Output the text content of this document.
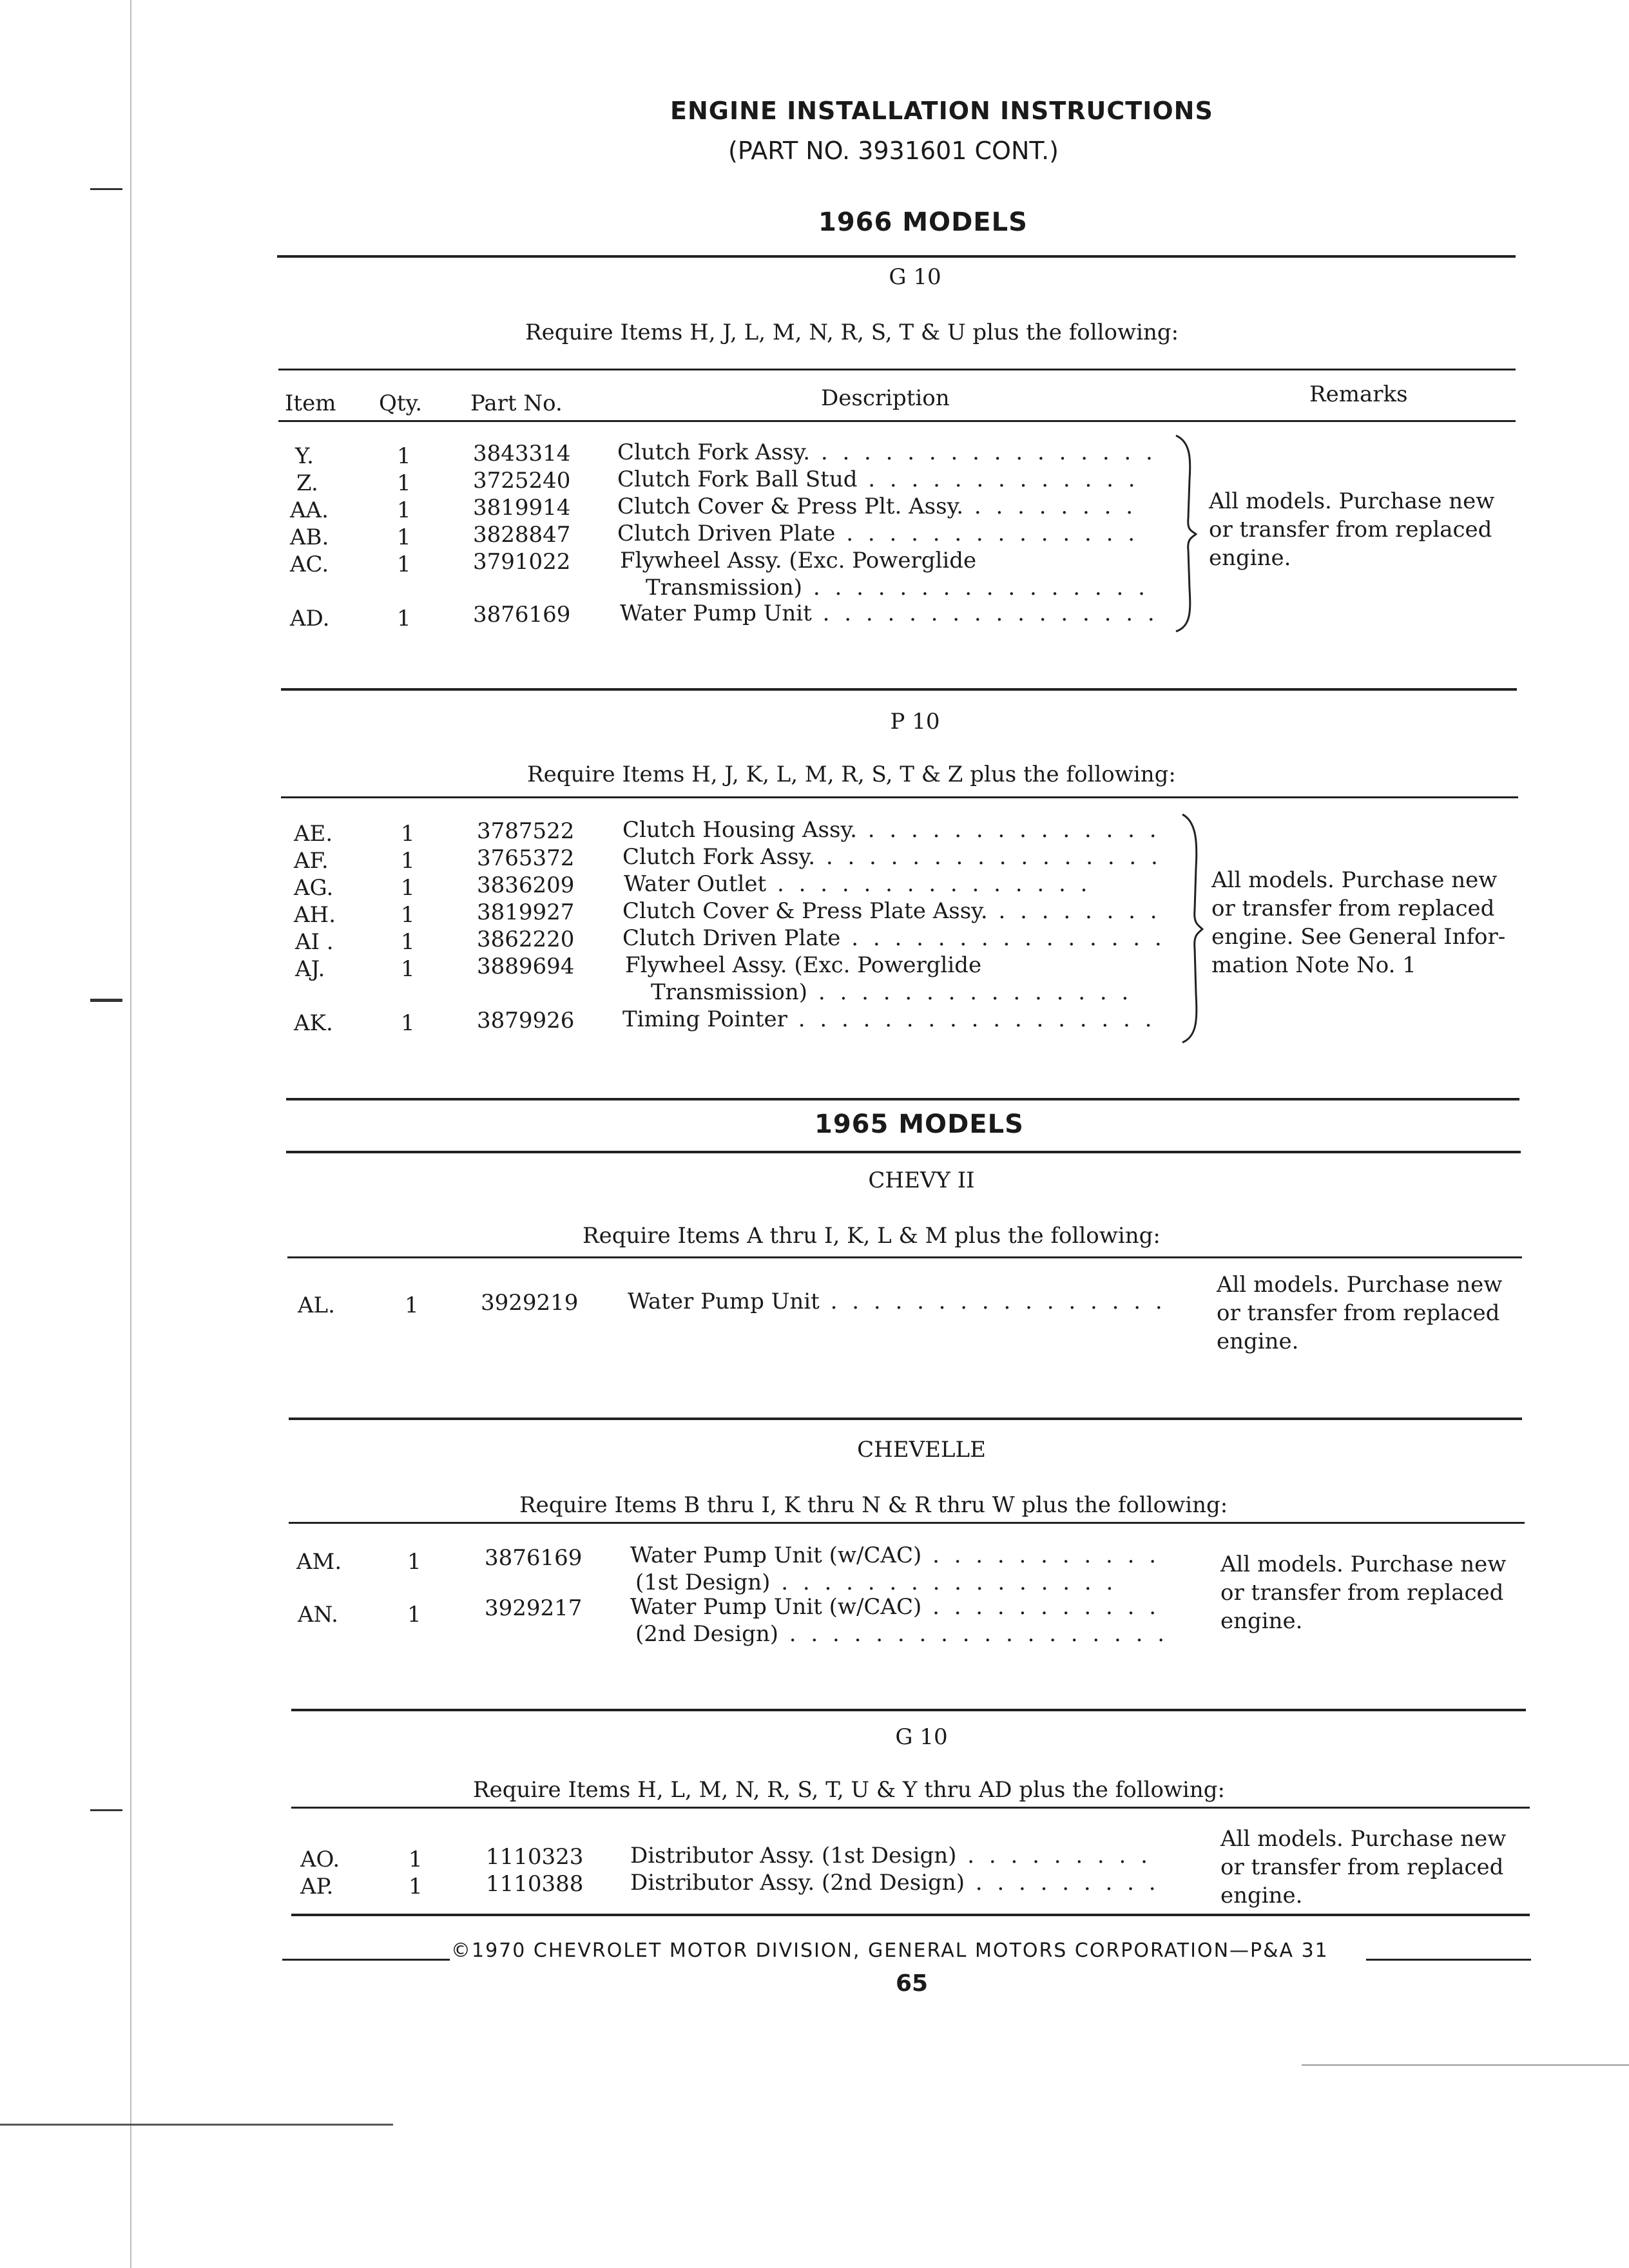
ENGINE INSTALLATION INSTRUCTIONS
(PART NO. 3931601 CONT.)
1966 MODELS
G 10
Require Items H, J, L, M, N, R, S, T & U plus the following:
Item Qty. Part No.	Description	Remarks
Y.	1	3843314 Clutch Fork Assy. . . . . . . . . . . . . . . . .
Z.	1	3725240 Clutch Fork Ball Stud . . . . . . . . . . . . .
AA.	1	3819914 Clutch Cover & Press Plt. Assy. . . . . . . . .
AB.	1	3828847 Clutch Driven Plate . . . . . . . . . . . . . .
AC.	1	3791022 Flywheel Assy. (Exc. Powerglide
Transmission) . . . . . . . . . . . . . . . .
AD.	1	3876169 Water Pump Unit . . . . . . . . . . . . . . . .
All models. Purchase new
or transfer from replaced
engine.
P 10
Require Items H, J, K, L, M, R, S, T & Z plus the following:
AE.	1	3787522 Clutch Housing Assy. . . . . . . . . . . . . . .
AF.	1	3765372 Clutch Fork Assy. . . . . . . . . . . . . . . . .
AG.	1	3836209 Water Outlet . . . . . . . . . . . . . . .
AH.	1	3819927 Clutch Cover & Press Plate Assy. . . . . . . . .
AI .	1	3862220 Clutch Driven Plate . . . . . . . . . . . . . . .
AJ.	1	3889694 Flywheel Assy. (Exc. Powerglide
Transmission) . . . . . . . . . . . . . . .
AK.	1	3879926 Timing Pointer . . . . . . . . . . . . . . . . .
All models. Purchase new
or transfer from replaced
engine. See General Infor-
mation Note No. 1
1965 MODELS
CHEVY II
Require Items A thru I, K, L & M plus the following:
AL.	1	3929219 Water Pump Unit . . . . . . . . . . . . . . . .
All models. Purchase new
or transfer from replaced
engine.
CHEVELLE
Require Items B thru I, K thru N & R thru W plus the following:
AM.	1	3876169 Water Pump Unit (w/CAC) . . . . . . . . . . .
(1st Design) . . . . . . . . . . . . . . . .
AN.	1	3929217 Water Pump Unit (w/CAC) . . . . . . . . . . .
(2nd Design) . . . . . . . . . . . . . . . . . .
All models. Purchase new
or transfer from replaced
engine.
G 10
Require Items H, L, M, N, R, S, T, U & Y thru AD plus the following:
AO.	1	1110323 Distributor Assy. (1st Design) . . . . . . . . .
AP.	1	1110388 Distributor Assy. (2nd Design) . . . . . . . . .
All models. Purchase new
or transfer from replaced
engine.
©1970 CHEVROLET MOTOR DIVISION, GENERAL MOTORS CORPORATION—P&A 31
65
